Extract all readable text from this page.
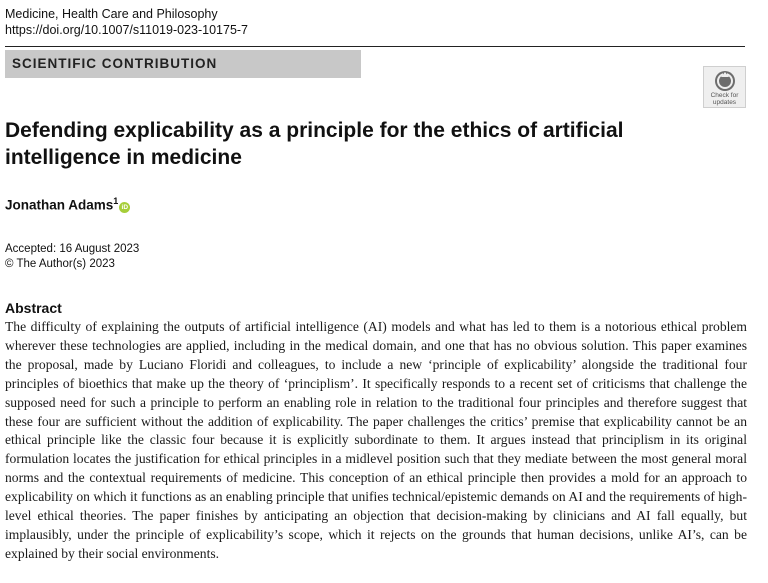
Medicine, Health Care and Philosophy
https://doi.org/10.1007/s11019-023-10175-7
SCIENTIFIC CONTRIBUTION
Check for
updates
Defending explicability as a principle for the ethics of artificial intelligence in medicine
Jonathan Adams$^1$iD
Accepted: 16 August 2023
© The Author(s) 2023
Abstract

The difficulty of explaining the outputs of artificial intelligence (AI) models and what has led to them is a notorious ethical problem wherever these technologies are applied, including in the medical domain, and one that has no obvious solution. This paper examines the proposal, made by Luciano Floridi and colleagues, to include a new ‘principle of explicability’ alongside the traditional four principles of bioethics that make up the theory of ‘principlism’. It specifically responds to a recent set of criticisms that challenge the supposed need for such a principle to perform an enabling role in relation to the traditional four principles and therefore suggest that these four are sufficient without the addition of explicability. The paper challenges the critics’ premise that explicability cannot be an ethical principle like the classic four because it is explicitly subordinate to them. It argues instead that principlism in its original formulation locates the justification for ethical principles in a midlevel position such that they mediate between the most general moral norms and the contextual requirements of medicine. This conception of an ethical principle then provides a mold for an approach to explicability on which it functions as an enabling principle that unifies technical/epistemic demands on AI and the requirements of high-level ethical theories. The paper finishes by anticipating an objection that decision-making by clinicians and AI fall equally, but implausibly, under the principle of explicability’s scope, which it rejects on the grounds that human decisions, unlike AI’s, can be explained by their social environments.
